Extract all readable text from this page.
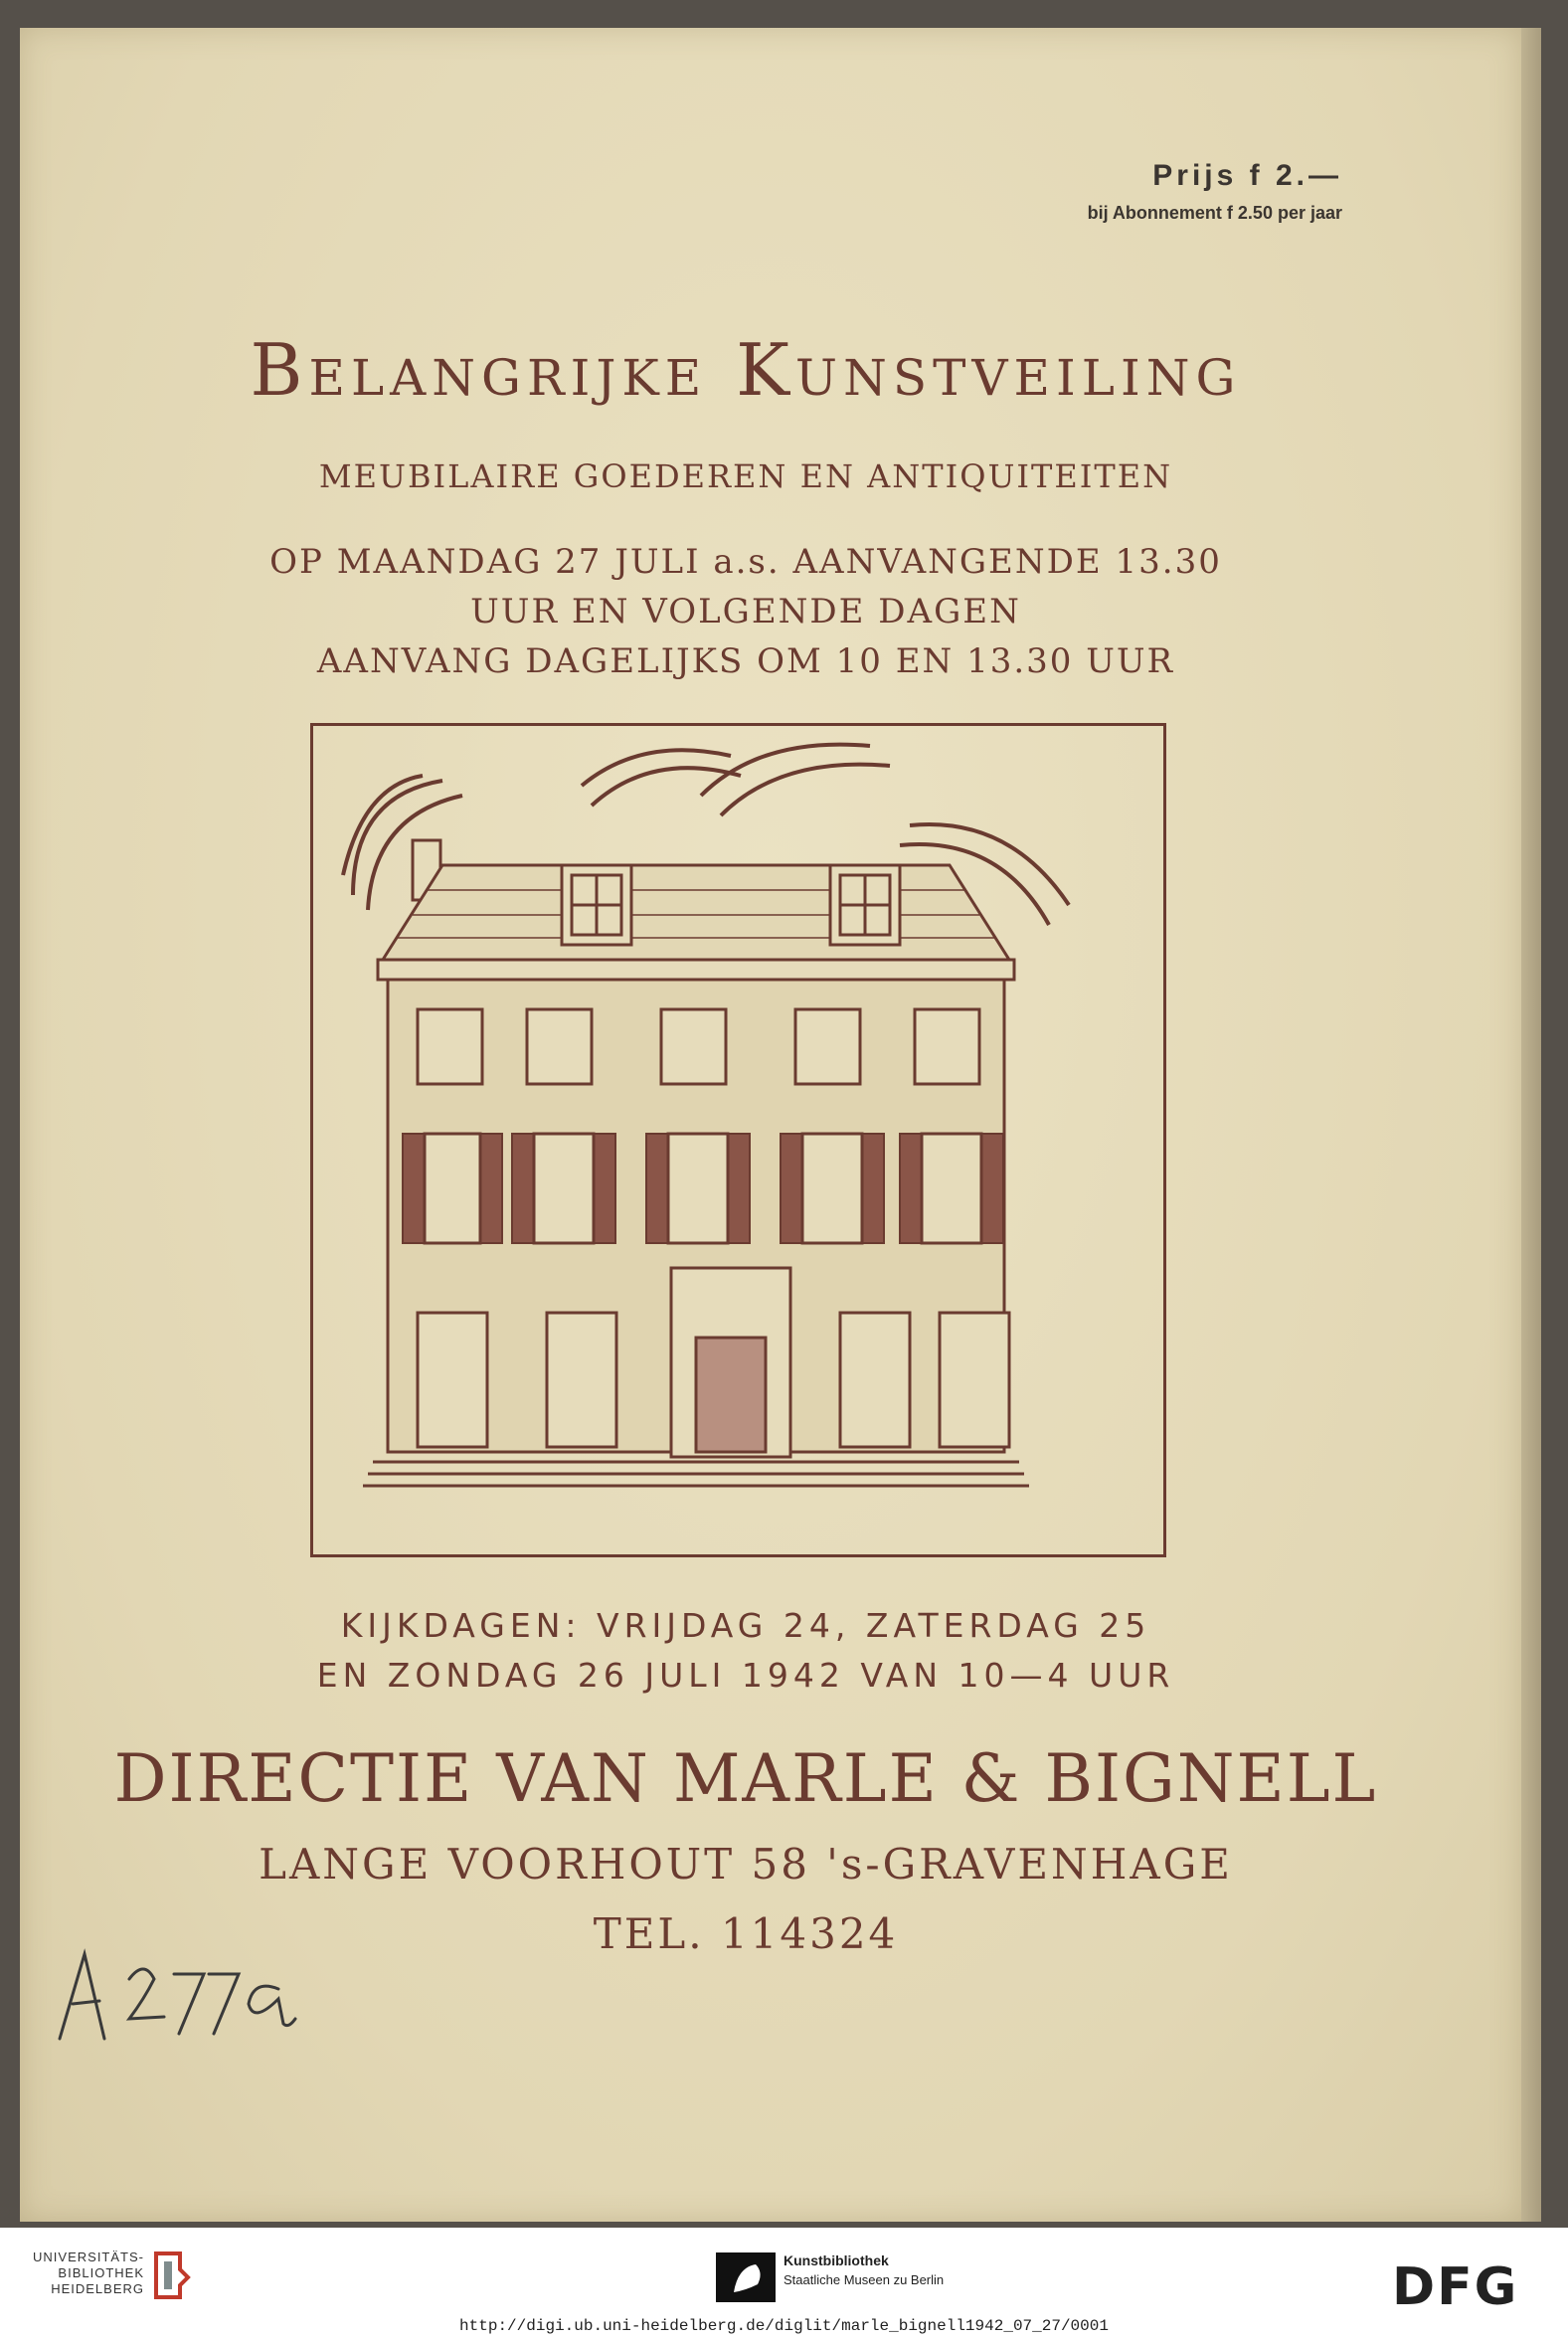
Prijs f 2.—
bij Abonnement f 2.50 per jaar
Belangrijke Kunstveiling
MEUBILAIRE GOEDEREN EN ANTIQUITEITEN
OP MAANDAG 27 JULI a.s. AANVANGENDE 13.30
UUR EN VOLGENDE DAGEN
AANVANG DAGELIJKS OM 10 EN 13.30 UUR
KIJKDAGEN: VRIJDAG 24, ZATERDAG 25
EN ZONDAG 26 JULI 1942 VAN 10—4 UUR
DIRECTIE VAN MARLE & BIGNELL
LANGE VOORHOUT 58 's-GRAVENHAGE
TEL. 114324
UNIVERSITÄTS-
BIBLIOTHEK
HEIDELBERG
Kunstbibliothek
Staatliche Museen zu Berlin	DFG
http://digi.ub.uni-heidelberg.de/diglit/marle_bignell1942_07_27/0001
